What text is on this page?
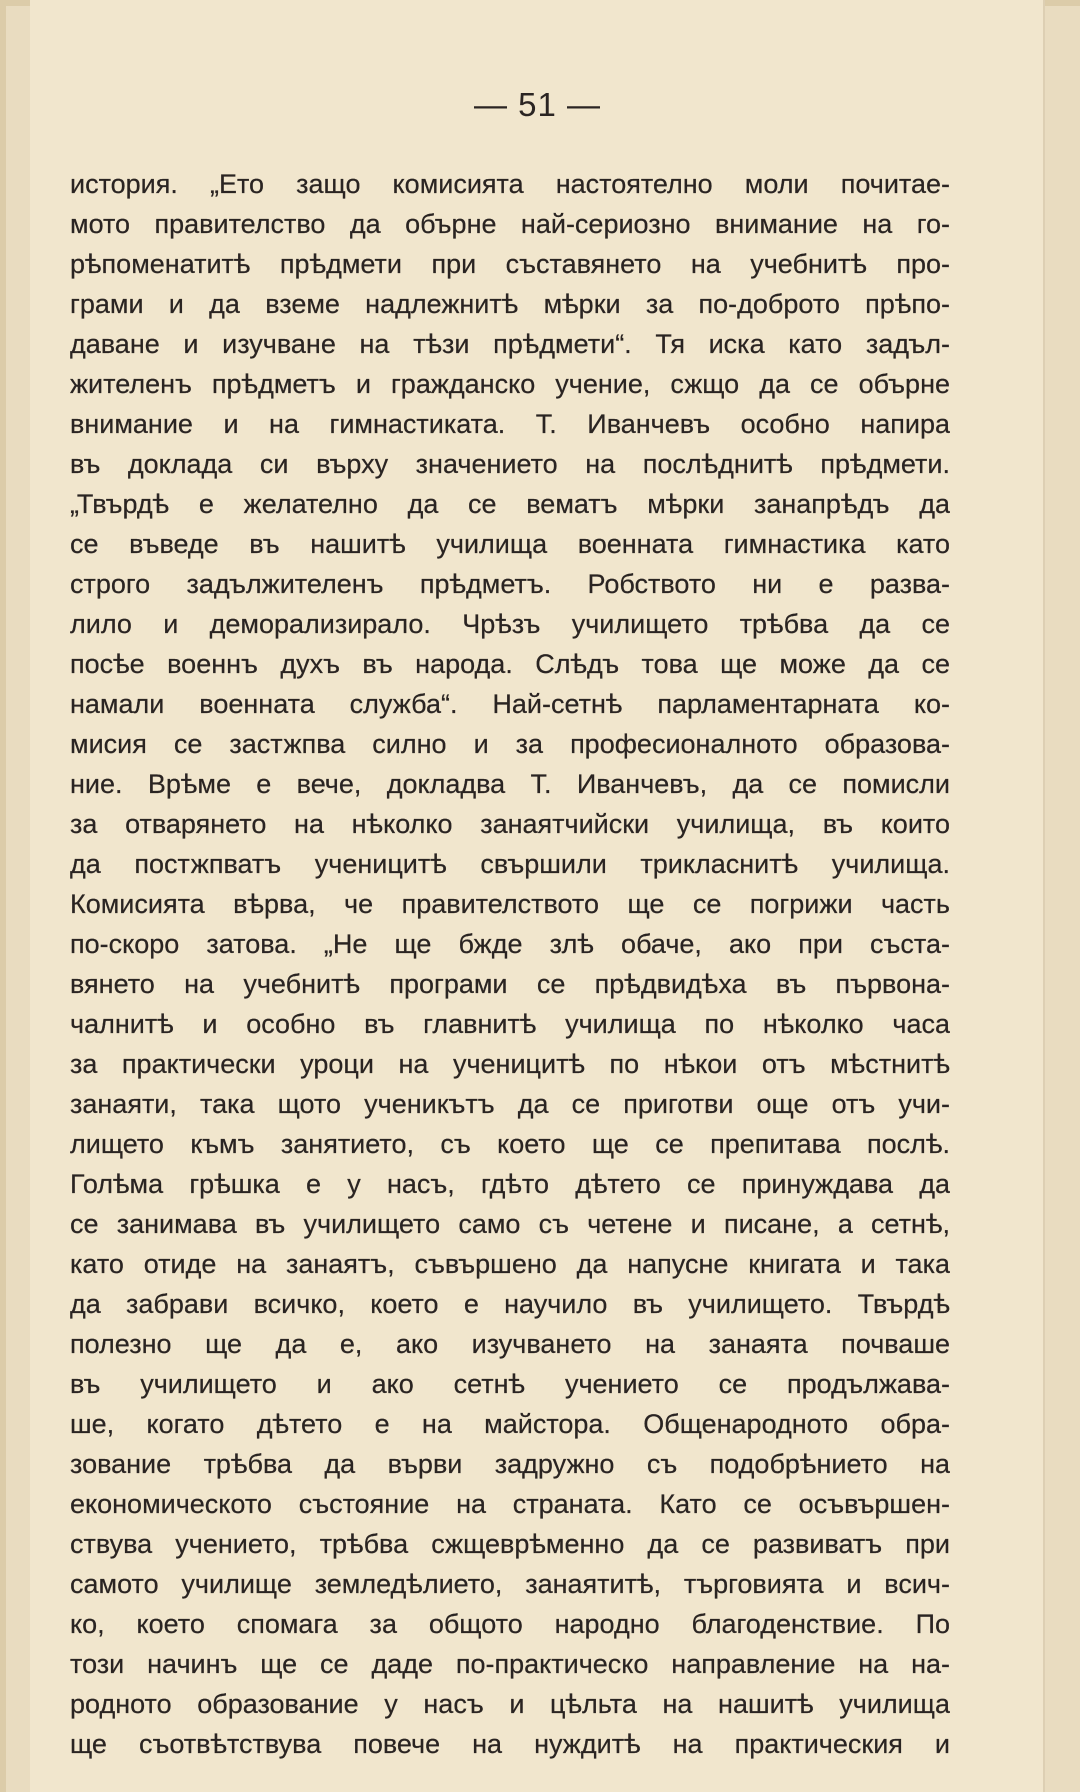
— 51 —
история. „Ето защо комисията настоятелно моли почитае-
мото правителство да обърне най-сериозно внимание на го-
рѣпоменатитѣ прѣдмети при съставянето на учебнитѣ про-
грами и да вземе надлежнитѣ мѣрки за по-доброто прѣпо-
даване и изучване на тѣзи прѣдмети“. Тя иска като задъл-
жителенъ прѣдметъ и гражданско учение, сжщо да се обърне
внимание и на гимнастиката. Т. Иванчевъ особно напира
въ доклада си върху значението на послѣднитѣ прѣдмети.
„Твърдѣ е желателно да се вематъ мѣрки занапрѣдъ да
се въведе въ нашитѣ училища военната гимнастика като
строго задължителенъ прѣдметъ. Робството ни е разва-
лило и деморализирало. Чрѣзъ училището трѣбва да се
посѣе военнъ духъ въ народа. Слѣдъ това ще може да се
намали военната служба“. Най-сетнѣ парламентарната ко-
мисия се застжпва силно и за професионалното образова-
ние. Врѣме е вече, докладва Т. Иванчевъ, да се помисли
за отварянето на нѣколко занаятчийски училища, въ които
да постжпватъ ученицитѣ свършили трикласнитѣ училища.
Комисията вѣрва, че правителството ще се погрижи часть
по-скоро затова. „Не ще бжде злѣ обаче, ако при съста-
вянето на учебнитѣ програми се прѣдвидѣха въ първона-
чалнитѣ и особно въ главнитѣ училища по нѣколко часа
за практически уроци на ученицитѣ по нѣкои отъ мѣстнитѣ
занаяти, така щото ученикътъ да се приготви още отъ учи-
лището къмъ занятието, съ което ще се препитава послѣ.
Голѣма грѣшка е у насъ, гдѣто дѣтето се принуждава да
се занимава въ училището само съ четене и писане, а сетнѣ,
като отиде на занаятъ, съвършено да напусне книгата и така
да забрави всичко, което е научило въ училището. Твърдѣ
полезно ще да е, ако изучването на занаята почваше
въ училището и ако сетнѣ учението се продължава-
ше, когато дѣтето е на майстора. Общенародното обра-
зование трѣбва да върви задружно съ подобрѣнието на
економическото състояние на страната. Като се осъвършен-
ствува учението, трѣбва сжщеврѣменно да се развиватъ при
самото училище земледѣлието, занаятитѣ, търговията и всич-
ко, което спомага за общото народно благоденствие. По
този начинъ ще се даде по-практическо направление на на-
родното образование у насъ и цѣльта на нашитѣ училища
ще съотвѣтствува повече на нуждитѣ на практическия и
